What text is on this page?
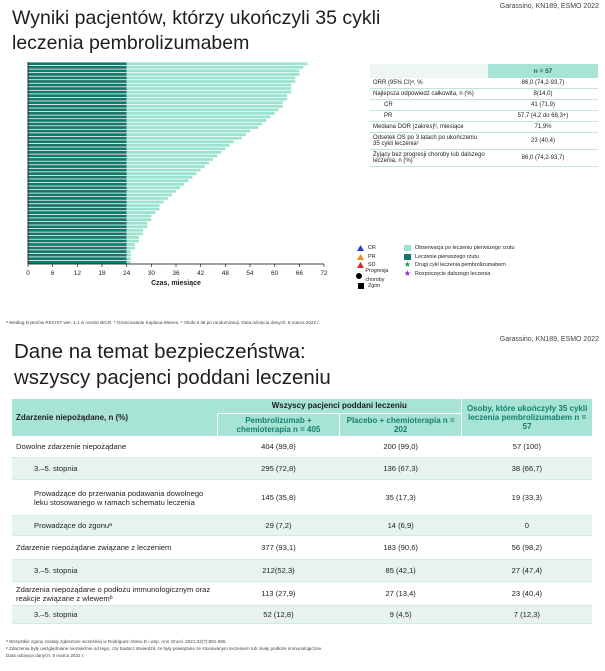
Garassino, KN189, ESMO 2022
Wyniki pacjentów, którzy ukończyli 35 cykli
leczenia pembrolizumabem
0	6	12	18	24	30	36	42	48	54	60	66	72
Czas, miesiące
CR
PR
SD
Progresja choroby
Zgon
Obserwacja po leczeniu pierwszego rzutu
Leczenie pierwszego rzutu
★ Drugi cykl leczenia pembrolizumabem
★ Rozpoczęcie dalszego leczenia
	n = 57
ORR (95% CI)ᵃ, %	86,0 (74,2-93,7)
Najlepsza odpowiedź całkowita, n (%)	8(14,0)
CR	41 (71,9)
PR	57,7 (4,2 do 68,3+)
Mediana DOR (zakres)ᵇ, miesiące	71,9%
Odsetek OS po 3 latach po ukończeniu 35 cykli leczeniaᶜ	23 (40,4)
Żyjący bez progresji choroby lub dalszego leczenia, n (%)	86,0 (74,2-93,7)
ᵃ Według kryteriów RECIST wer. 1.1 w ocenie BICR. ᵇ Oszacowanie Kaplana-Meiera. ᶜ Około 5 lat po randomizacji. Data odcięcia danych: 8 marca 2022 r.
Garassino, KN189, ESMO 2022
Dane na temat bezpieczeństwa:
wszyscy pacjenci poddani leczeniu
Zdarzenie niepożądane, n (%)	Wszyscy pacjenci poddani leczeniu		Osoby, które ukończyły 35 cykli leczenia pembrolizumabem n = 57
	Pembrolizumab + chemioterapia n = 405	Placebo + chemioterapia n = 202	
Dowolne zdarzenie niepożądane	404 (99,8)	200 (99,0)	57 (100)
3.–5. stopnia	295 (72,8)	136 (67,3)	38 (66,7)
Prowadzące do przerwania podawania dowolnego leku stosowanego w ramach schematu leczenia	145 (35,8)	35 (17,3)	19 (33,3)
Prowadzące do zgonuᵃ	29 (7,2)	14 (6,9)	0
Zdarzenie niepożądane związane z leczeniem	377 (93,1)	183 (90,6)	56 (98,2)
3.–5. stopnia	212(52,3)	85 (42,1)	27 (47,4)
Zdarzenia niepożądane o podłożu immunologicznym oraz reakcje związane z wlewemᵇ	113 (27,9)	27 (13,4)	23 (40,4)
3.–5. stopnia	52 (12,8)	9 (4,5)	7 (12,3)
ᵃ Wszystkie zgony zostały zgłoszone wcześniej w Rodriguez-Abreu D i wsp. Ann Oncol. 2021;32(7):881-895.
ᵇ Zdarzenia były uwzględniane niezależnie od tego, czy badacz stwierdził, że były powiązane ze stosowanym leczeniem lub miały podłoże immunologiczne.
Data odcięcia danych: 8 marca 2022 r.
